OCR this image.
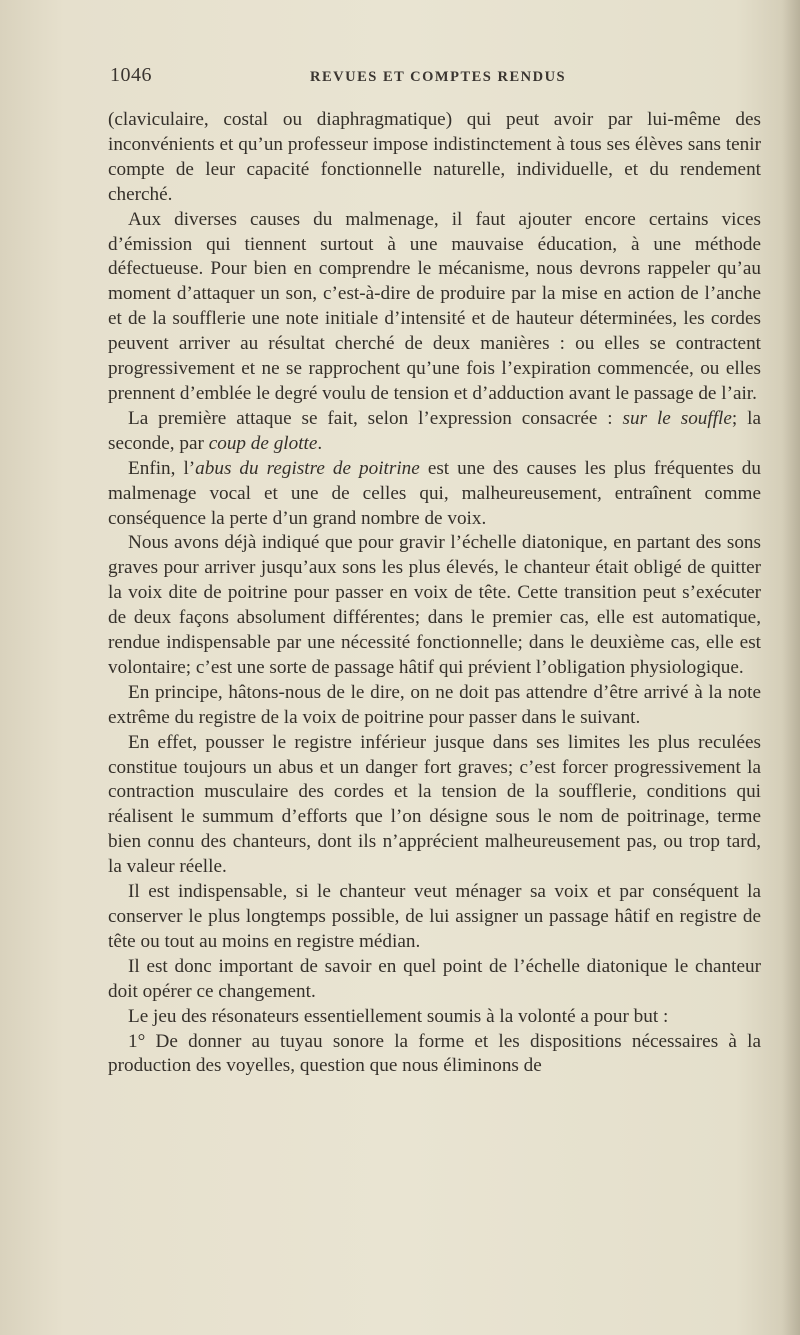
1046	REVUES ET COMPTES RENDUS

(claviculaire, costal ou diaphragmatique) qui peut avoir par lui-même des inconvénients et qu’un professeur impose indistinctement à tous ses élèves sans tenir compte de leur capacité fonctionnelle naturelle, individuelle, et du rendement cherché.

Aux diverses causes du malmenage, il faut ajouter encore certains vices d’émission qui tiennent surtout à une mauvaise éducation, à une méthode défectueuse. Pour bien en comprendre le mécanisme, nous devrons rappeler qu’au moment d’attaquer un son, c’est-à-dire de produire par la mise en action de l’anche et de la soufflerie une note initiale d’intensité et de hauteur déterminées, les cordes peuvent arriver au résultat cherché de deux manières : ou elles se contractent progressivement et ne se rapprochent qu’une fois l’expiration commencée, ou elles prennent d’emblée le degré voulu de tension et d’adduction avant le passage de l’air.

La première attaque se fait, selon l’expression consacrée : sur le souffle; la seconde, par coup de glotte.

Enfin, l’abus du registre de poitrine est une des causes les plus fréquentes du malmenage vocal et une de celles qui, malheureusement, entraînent comme conséquence la perte d’un grand nombre de voix.

Nous avons déjà indiqué que pour gravir l’échelle diatonique, en partant des sons graves pour arriver jusqu’aux sons les plus élevés, le chanteur était obligé de quitter la voix dite de poitrine pour passer en voix de tête. Cette transition peut s’exécuter de deux façons absolument différentes; dans le premier cas, elle est automatique, rendue indispensable par une nécessité fonctionnelle; dans le deuxième cas, elle est volontaire; c’est une sorte de passage hâtif qui prévient l’obligation physiologique.

En principe, hâtons-nous de le dire, on ne doit pas attendre d’être arrivé à la note extrême du registre de la voix de poitrine pour passer dans le suivant.

En effet, pousser le registre inférieur jusque dans ses limites les plus reculées constitue toujours un abus et un danger fort graves; c’est forcer progressivement la contraction musculaire des cordes et la tension de la soufflerie, conditions qui réalisent le summum d’efforts que l’on désigne sous le nom de poitrinage, terme bien connu des chanteurs, dont ils n’apprécient malheureusement pas, ou trop tard, la valeur réelle.

Il est indispensable, si le chanteur veut ménager sa voix et par conséquent la conserver le plus longtemps possible, de lui assigner un passage hâtif en registre de tête ou tout au moins en registre médian.

Il est donc important de savoir en quel point de l’échelle diatonique le chanteur doit opérer ce changement.

Le jeu des résonateurs essentiellement soumis à la volonté a pour but :

1° De donner au tuyau sonore la forme et les dispositions nécessaires à la production des voyelles, question que nous éliminons de
